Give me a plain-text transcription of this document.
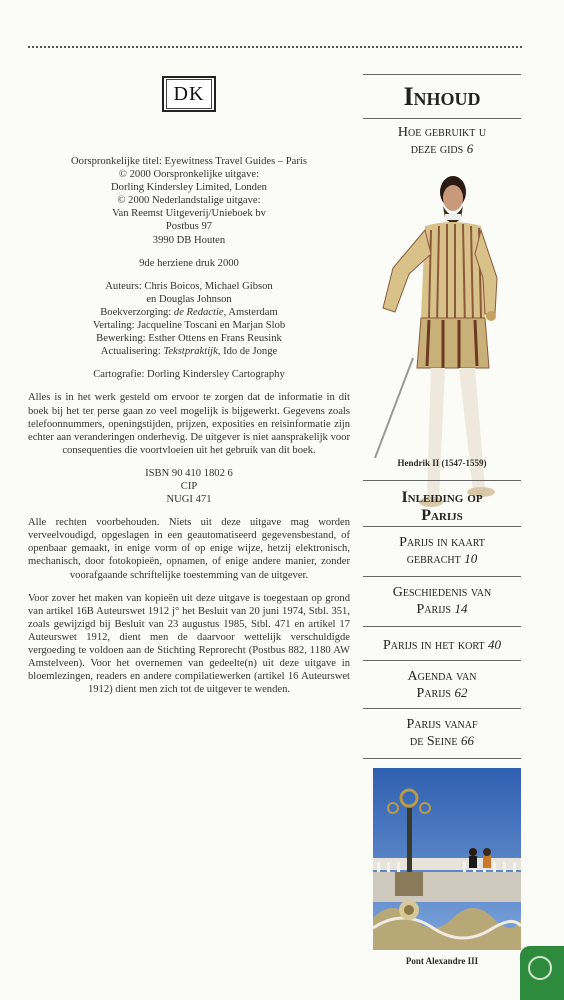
DK

Oorspronkelijke titel: Eyewitness Travel Guides – Paris

© 2000 Oorspronkelijke uitgave:

Dorling Kindersley Limited, Londen

© 2000 Nederlandstalige uitgave:

Van Reemst Uitgeverij/Unieboek bv

Postbus 97

3990 DB Houten

9de herziene druk 2000

Auteurs: Chris Boicos, Michael Gibson

en Douglas Johnson

Boekverzorging: de Redactie, Amsterdam

Vertaling: Jacqueline Toscani en Marjan Slob

Bewerking: Esther Ottens en Frans Reusink

Actualisering: Tekstpraktijk, Ido de Jonge

Cartografie: Dorling Kindersley Cartography

Alles is in het werk gesteld om ervoor te zorgen dat de informatie in dit boek bij het ter perse gaan zo veel mogelijk is bijgewerkt. Gegevens zoals telefoonnummers, openingstijden, prijzen, exposities en reisinformatie zijn echter aan veranderingen onderhevig. De uitgever is niet aansprakelijk voor consequenties die voortvloeien uit het gebruik van dit boek.

ISBN 90 410 1802 6

CIP

NUGI 471

Alle rechten voorbehouden. Niets uit deze uitgave mag worden verveelvoudigd, opgeslagen in een geautomatiseerd gegevensbestand, of openbaar gemaakt, in enige vorm of op enige wijze, hetzij elektronisch, mechanisch, door fotokopieën, opnamen, of enige andere manier, zonder voorafgaande schriftelijke toestemming van de uitgever.

Voor zover het maken van kopieën uit deze uitgave is toegestaan op grond van artikel 16B Auteurswet 1912 j° het Besluit van 20 juni 1974, Stbl. 351, zoals gewijzigd bij Besluit van 23 augustus 1985, Stbl. 471 en artikel 17 Auteurswet 1912, dient men de daarvoor wettelijk verschuldigde vergoeding te voldoen aan de Stichting Reprorecht (Postbus 882, 1180 AW Amstelveen). Voor het overnemen van gedeelte(n) uit deze uitgave in bloemlezingen, readers en andere compilatiewerken (artikel 16 Auteurswet 1912) dient men zich tot de uitgever te wenden.

Inhoud
Hoe gebruikt u
deze gids 6
Hendrik II (1547-1559)
Inleiding op
Parijs
Parijs in kaart
gebracht 10
Geschiedenis van
Parijs 14
Parijs in het kort 40
Agenda van
Parijs 62
Parijs vanaf
de Seine 66
Pont Alexandre III
